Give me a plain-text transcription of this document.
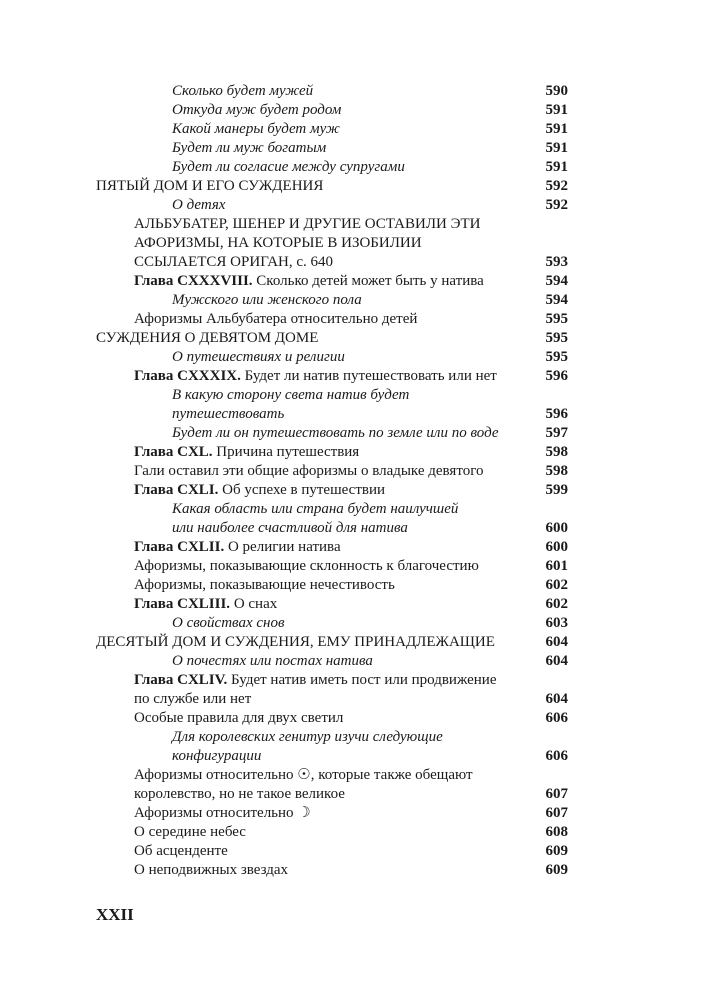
Сколько будет мужей	590
Откуда муж будет родом	591
Какой манеры будет муж	591
Будет ли муж богатым	591
Будет ли согласие между супругами	591
ПЯТЫЙ ДОМ И ЕГО СУЖДЕНИЯ	592
О детях	592
АЛЬБУБАТЕР, ШЕНЕР И ДРУГИЕ ОСТАВИЛИ ЭТИ
АФОРИЗМЫ, НА КОТОРЫЕ В ИЗОБИЛИИ
ССЫЛАЕТСЯ ОРИГАН, с. 640	593
Глава CXXXVIII. Сколько детей может быть у натива	594
Мужского или женского пола	594
Афоризмы Альбубатера относительно детей	595
СУЖДЕНИЯ О ДЕВЯТОМ ДОМЕ	595
О путешествиях и религии	595
Глава CXXXIX. Будет ли натив путешествовать или нет	596
В какую сторону света натив будет
путешествовать	596
Будет ли он путешествовать по земле или по воде	597
Глава CXL. Причина путешествия	598
Гали оставил эти общие афоризмы о владыке девятого	598
Глава CXLI. Об успехе в путешествии	599
Какая область или страна будет наилучшей
или наиболее счастливой для натива	600
Глава CXLII. О религии натива	600
Афоризмы, показывающие склонность к благочестию	601
Афоризмы, показывающие нечестивость	602
Глава CXLIII. О снах	602
О свойствах снов	603
ДЕСЯТЫЙ ДОМ И СУЖДЕНИЯ, ЕМУ ПРИНАДЛЕЖАЩИЕ	604
О почестях или постах натива	604
Глава CXLIV. Будет натив иметь пост или продвижение
по службе или нет	604
Особые правила для двух светил	606
Для королевских генитур изучи следующие
конфигурации	606
Афоризмы относительно ☉, которые также обещают
королевство, но не такое великое	607
Афоризмы относительно ☽	607
О середине небес	608
Об асценденте	609
О неподвижных звездах	609
XXII
